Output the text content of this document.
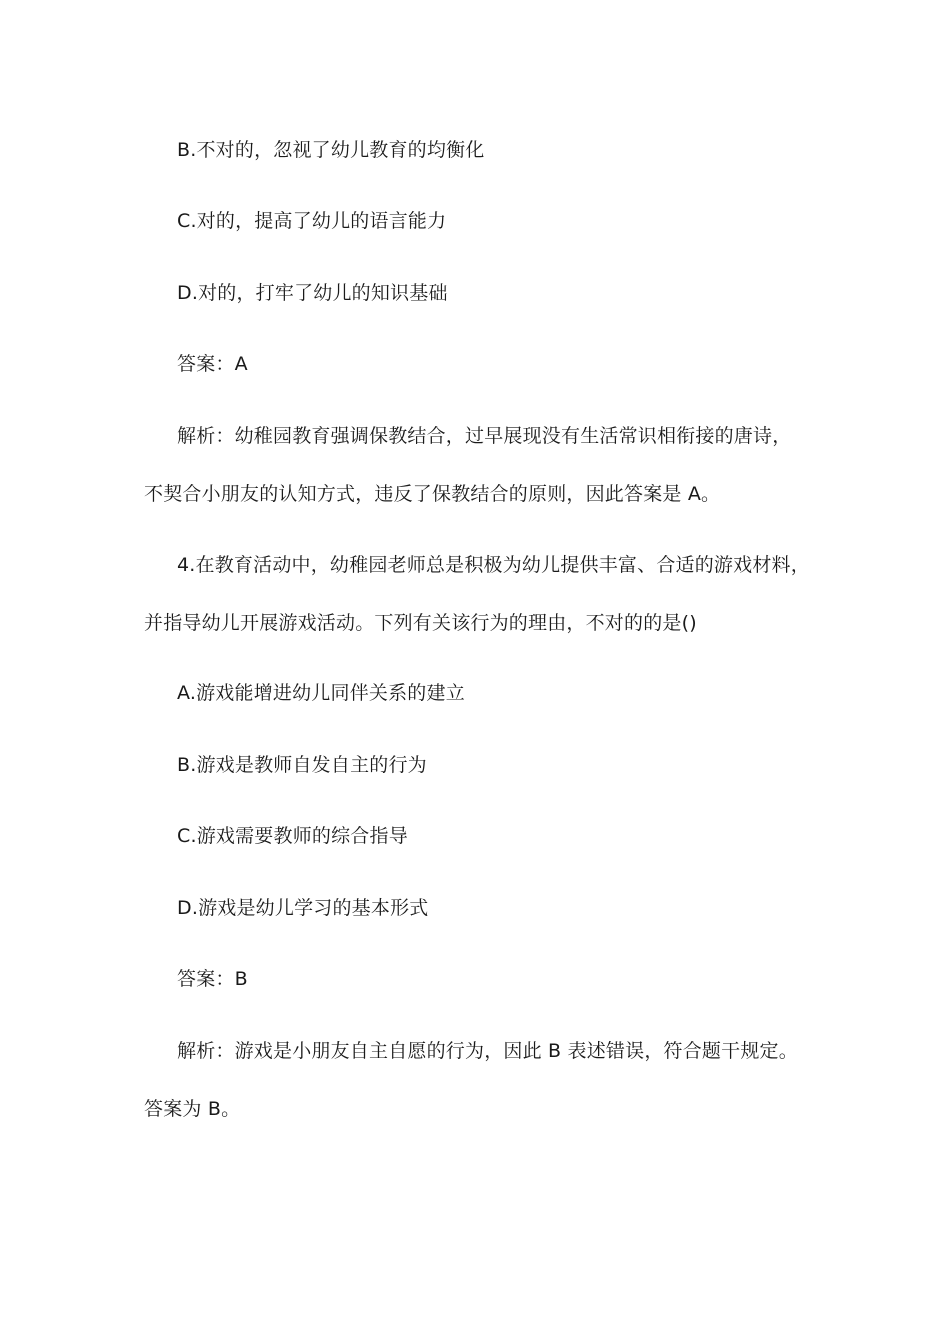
B.不对的，忽视了幼儿教育的均衡化
C.对的，提高了幼儿的语言能力
D.对的，打牢了幼儿的知识基础
答案：A
解析：幼稚园教育强调保教结合，过早展现没有生活常识相衔接的唐诗，
不契合小朋友的认知方式，违反了保教结合的原则，因此答案是 A。
4.在教育活动中，幼稚园老师总是积极为幼儿提供丰富、合适的游戏材料，
并指导幼儿开展游戏活动。下列有关该行为的理由，不对的的是()
A.游戏能增进幼儿同伴关系的建立
B.游戏是教师自发自主的行为
C.游戏需要教师的综合指导
D.游戏是幼儿学习的基本形式
答案：B
解析：游戏是小朋友自主自愿的行为，因此 B 表述错误，符合题干规定。
答案为 B。
